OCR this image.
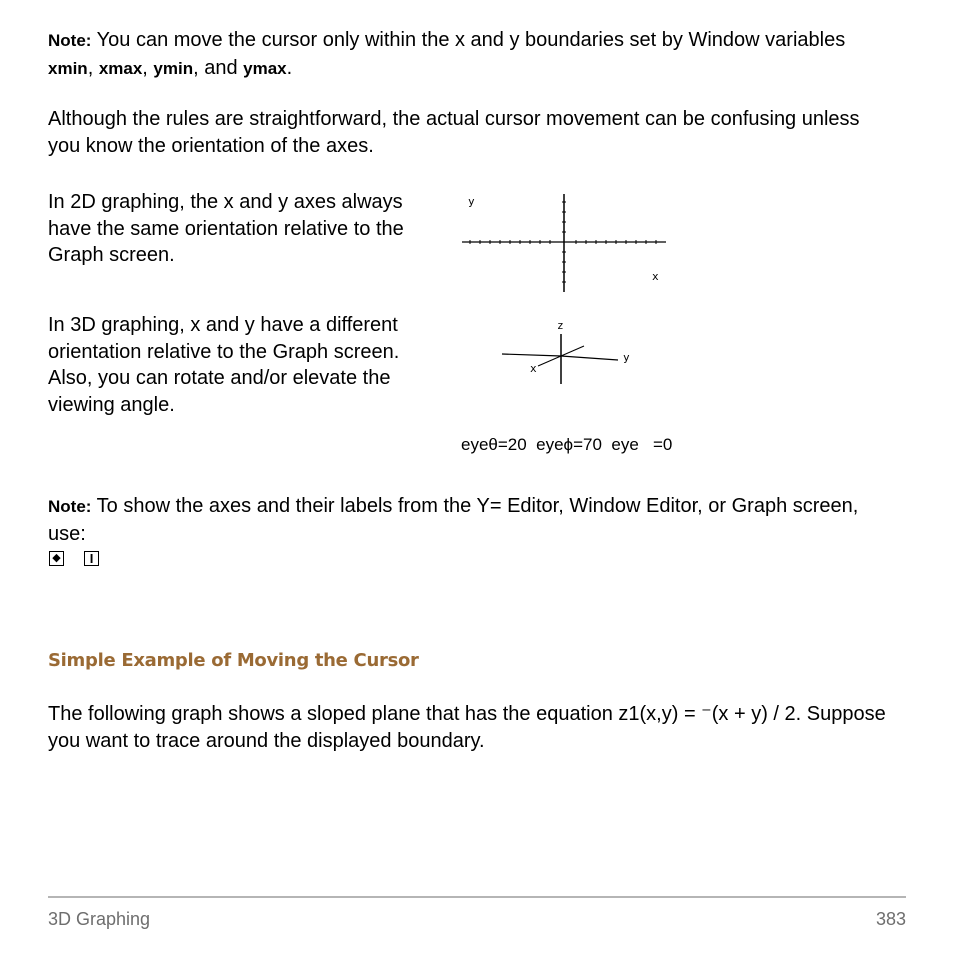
Note: You can move the cursor only within the x and y boundaries set by Window variables xmin, xmax, ymin, and ymax.

Although the rules are straightforward, the actual cursor movement can be confusing unless you know the orientation of the axes.

In 2D graphing, the x and y axes always have the same orientation relative to the Graph screen.

y
x

In 3D graphing, x and y have a different orientation relative to the Graph screen. Also, you can rotate and/or elevate the viewing angle.

z
y
x
eyeθ=20  eyeϕ=70  eye   =0

Note: To show the axes and their labels from the Y= Editor, Window Editor, or Graph screen, use:

◆	I
Simple Example of Moving the Cursor

The following graph shows a sloped plane that has the equation z1(x,y) = ⁻(x + y) / 2. Suppose you want to trace around the displayed boundary.

3D Graphing	383
